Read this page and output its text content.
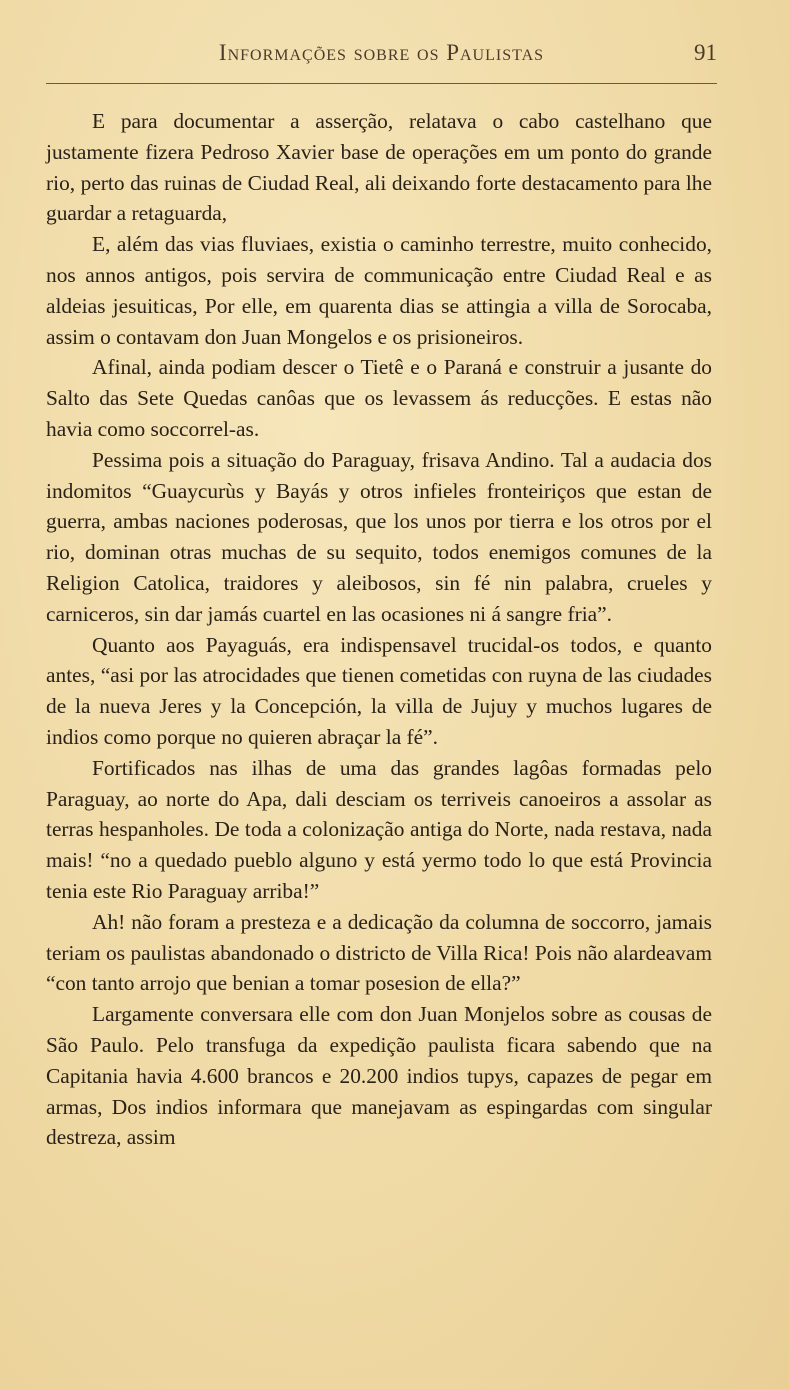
Informações sobre os Paulistas	91

E para documentar a asserção, relatava o cabo castelhano que justamente fizera Pedroso Xavier base de operações em um ponto do grande rio, perto das ruinas de Ciudad Real, ali deixando forte destacamento para lhe guardar a retaguarda,

E, além das vias fluviaes, existia o caminho terrestre, muito conhecido, nos annos antigos, pois servira de communicação entre Ciudad Real e as aldeias jesuiticas, Por elle, em quarenta dias se attingia a villa de Sorocaba, assim o contavam don Juan Mongelos e os prisioneiros.

Afinal, ainda podiam descer o Tietê e o Paraná e construir a jusante do Salto das Sete Quedas canôas que os levassem ás reducções. E estas não havia como soccorrel-as.

Pessima pois a situação do Paraguay, frisava Andino. Tal a audacia dos indomitos “Guaycurùs y Bayás y otros infieles fronteiriços que estan de guerra, ambas naciones poderosas, que los unos por tierra e los otros por el rio, dominan otras muchas de su sequito, todos enemigos comunes de la Religion Catolica, traidores y aleibosos, sin fé nin palabra, crueles y carniceros, sin dar jamás cuartel en las ocasiones ni á sangre fria”.

Quanto aos Payaguás, era indispensavel trucidal-os todos, e quanto antes, “asi por las atrocidades que tienen cometidas con ruyna de las ciudades de la nueva Jeres y la Concepción, la villa de Jujuy y muchos lugares de indios como porque no quieren abraçar la fé”.

Fortificados nas ilhas de uma das grandes lagôas formadas pelo Paraguay, ao norte do Apa, dali desciam os terriveis canoeiros a assolar as terras hespanholes. De toda a colonização antiga do Norte, nada restava, nada mais! “no a quedado pueblo alguno y está yermo todo lo que está Provincia tenia este Rio Paraguay arriba!”

Ah! não foram a presteza e a dedicação da columna de soccorro, jamais teriam os paulistas abandonado o districto de Villa Rica! Pois não alardeavam “con tanto arrojo que benian a tomar posesion de ella?”

Largamente conversara elle com don Juan Monjelos sobre as cousas de São Paulo. Pelo transfuga da expedição paulista ficara sabendo que na Capitania havia 4.600 brancos e 20.200 indios tupys, capazes de pegar em armas, Dos indios informara que manejavam as espingardas com singular destreza, assim
